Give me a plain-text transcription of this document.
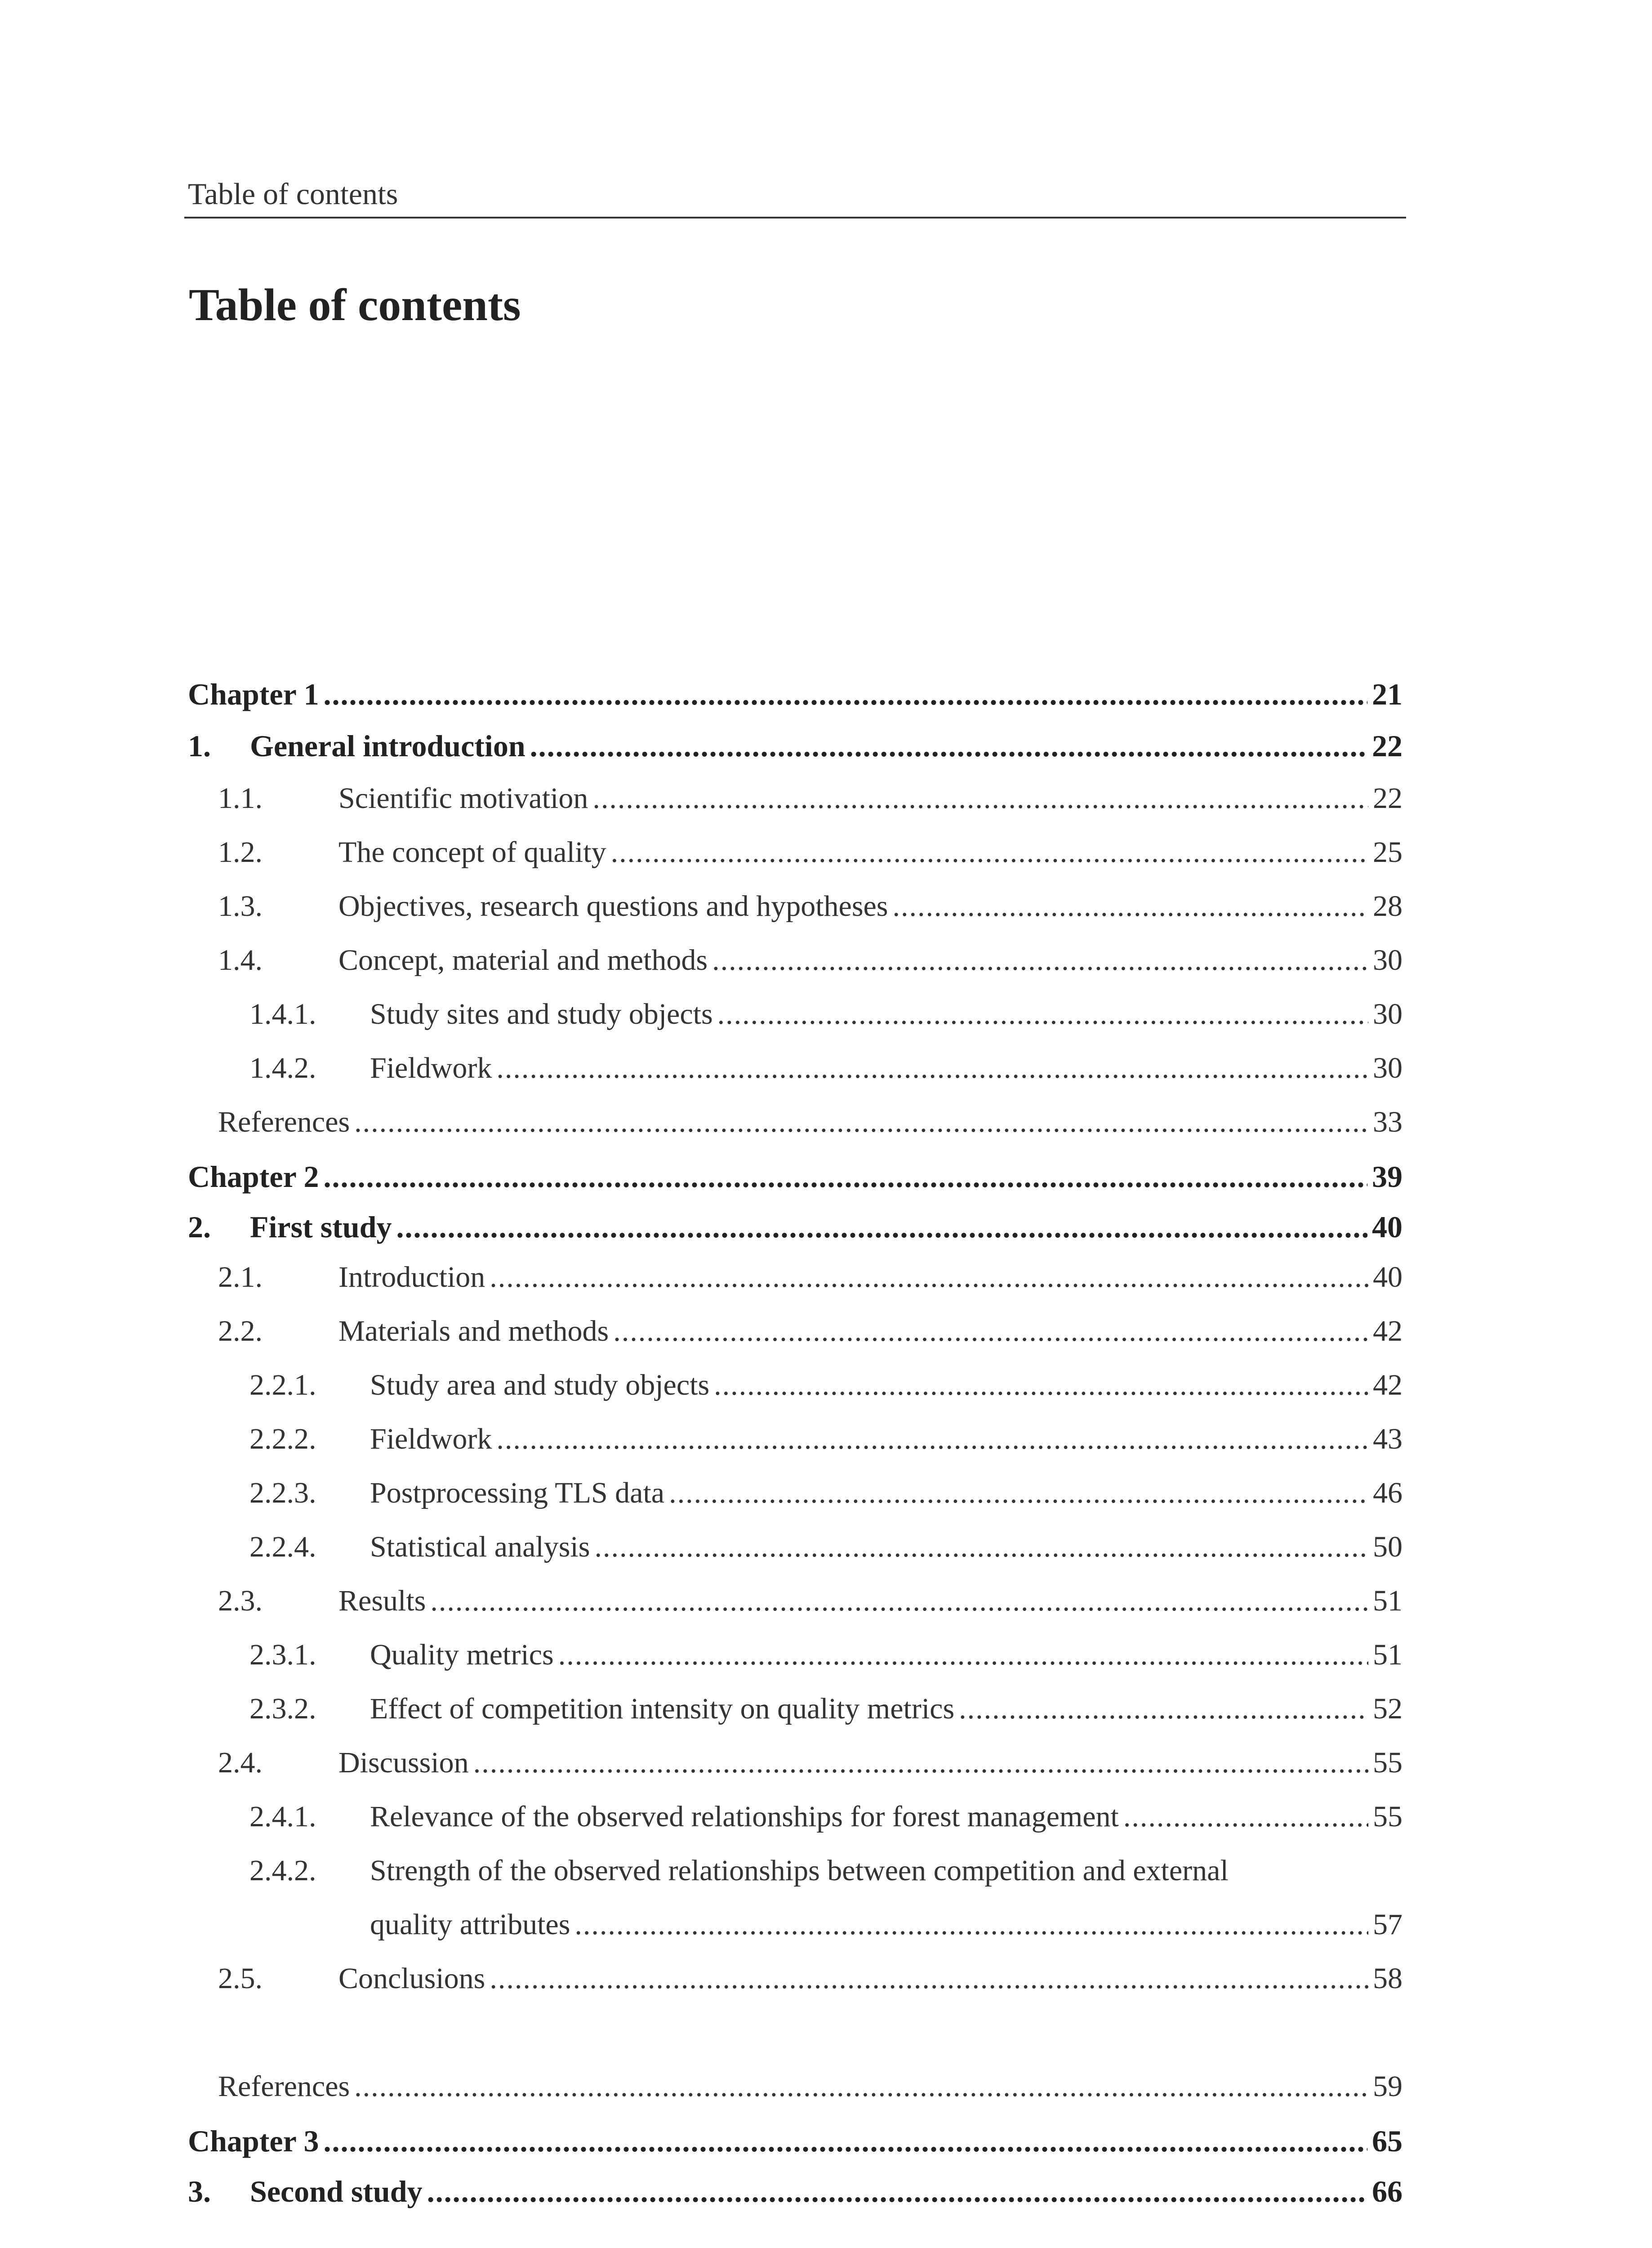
Table of contents
Table of contents
Chapter 1 .....	21
1.	General introduction .....	22
1.1.	Scientific motivation .....	22
1.2.	The concept of quality .....	25
1.3.	Objectives, research questions and hypotheses .....	28
1.4.	Concept, material and methods .....	30
1.4.1.	Study sites and study objects .....	30
1.4.2.	Fieldwork .....	30
References .....	33
Chapter 2 .....	39
2.	First study .....	40
2.1.	Introduction .....	40
2.2.	Materials and methods .....	42
2.2.1.	Study area and study objects .....	42
2.2.2.	Fieldwork .....	43
2.2.3.	Postprocessing TLS data .....	46
2.2.4.	Statistical analysis .....	50
2.3.	Results .....	51
2.3.1.	Quality metrics .....	51
2.3.2.	Effect of competition intensity on quality metrics .....	52
2.4.	Discussion .....	55
2.4.1.	Relevance of the observed relationships for forest management .....	55
2.4.2.	Strength of the observed relationships between competition and external
quality attributes .....	57
2.5.	Conclusions .....	58
References .....	59
Chapter 3 .....	65
3.	Second study .....	66
